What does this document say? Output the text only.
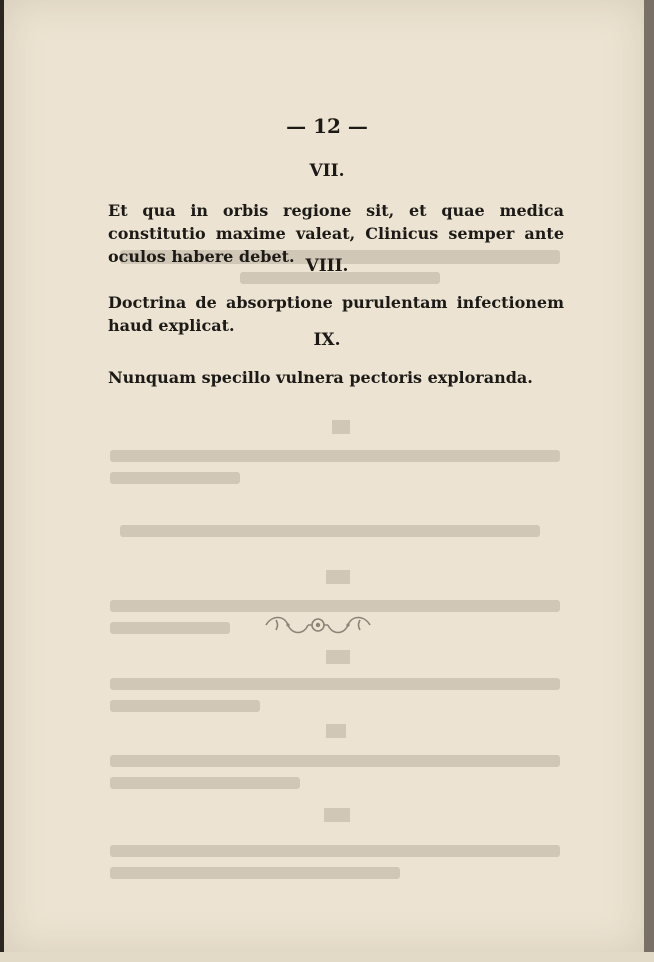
— 12 —
VII.

Et qua in orbis regione sit, et quae medica constitutio maxime valeat, Clinicus semper ante oculos habere debet. VIII.

Doctrina de absorptione purulentam infectionem haud explicat.

IX.

Nunquam specillo vulnera pectoris exploranda.
